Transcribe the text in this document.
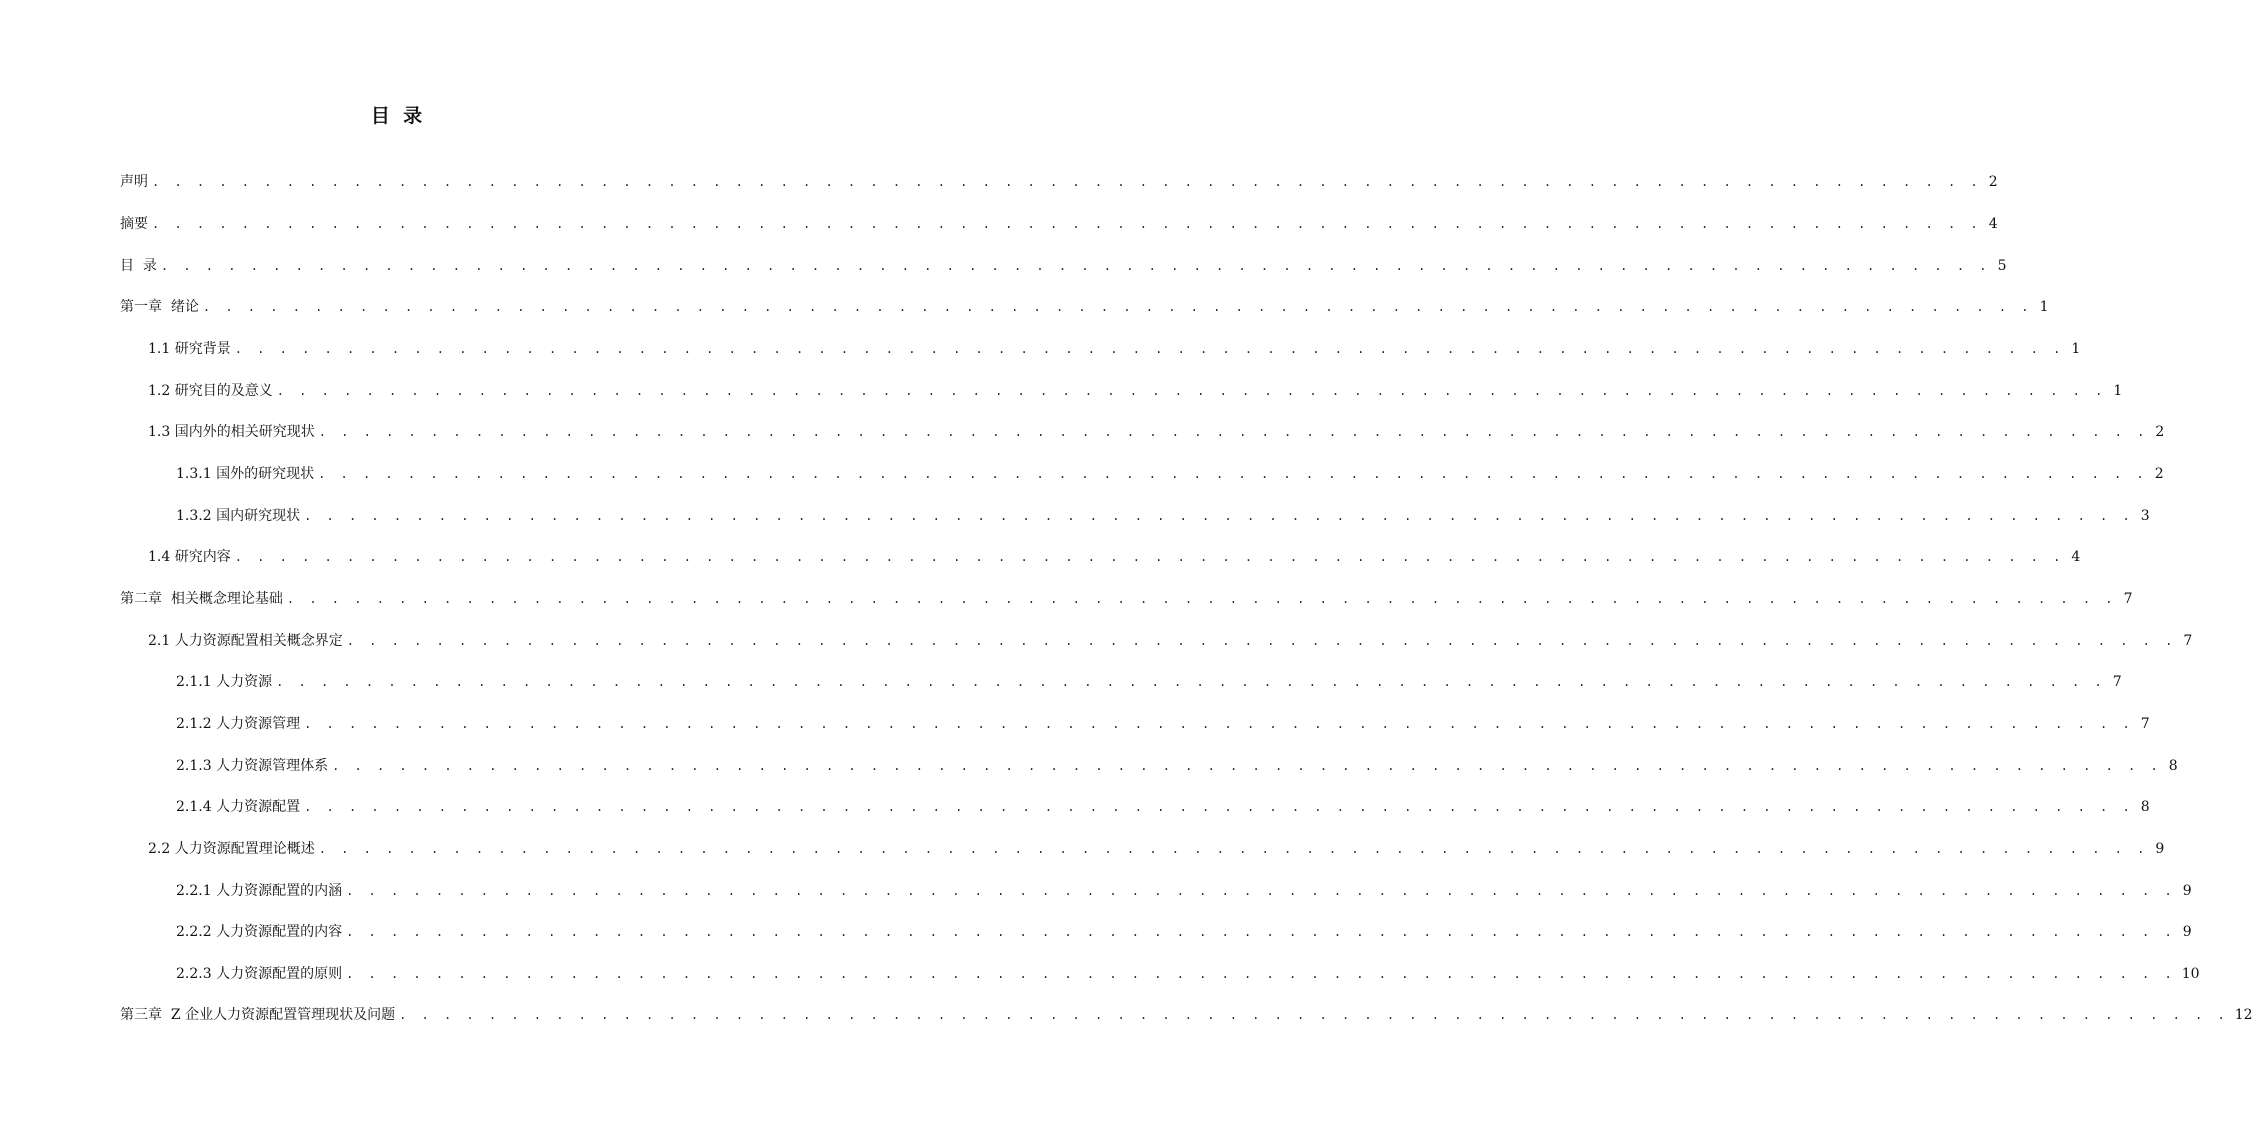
目  录
声明 . . . . . . . . . . . . . . . . . . . . . . . . . . . . . . . . . . . . . . . . . . . . . . . . . . . . . . . . . . . . . . . . . . . . . . . . . . . . . . . . . . 2
摘要 . . . . . . . . . . . . . . . . . . . . . . . . . . . . . . . . . . . . . . . . . . . . . . . . . . . . . . . . . . . . . . . . . . . . . . . . . . . . . . . . . . 4
目  录 . . . . . . . . . . . . . . . . . . . . . . . . . . . . . . . . . . . . . . . . . . . . . . . . . . . . . . . . . . . . . . . . . . . . . . . . . . . . . . . . . . 5
第一章  绪论 . . . . . . . . . . . . . . . . . . . . . . . . . . . . . . . . . . . . . . . . . . . . . . . . . . . . . . . . . . . . . . . . . . . . . . . . . . . . . . . . . . 1
1.1 研究背景 . . . . . . . . . . . . . . . . . . . . . . . . . . . . . . . . . . . . . . . . . . . . . . . . . . . . . . . . . . . . . . . . . . . . . . . . . . . . . . . . . . 1
1.2 研究目的及意义 . . . . . . . . . . . . . . . . . . . . . . . . . . . . . . . . . . . . . . . . . . . . . . . . . . . . . . . . . . . . . . . . . . . . . . . . . . . . . . . . . . 1
1.3 国内外的相关研究现状 . . . . . . . . . . . . . . . . . . . . . . . . . . . . . . . . . . . . . . . . . . . . . . . . . . . . . . . . . . . . . . . . . . . . . . . . . . . . . . . . . . 2
1.3.1 国外的研究现状 . . . . . . . . . . . . . . . . . . . . . . . . . . . . . . . . . . . . . . . . . . . . . . . . . . . . . . . . . . . . . . . . . . . . . . . . . . . . . . . . . . 2
1.3.2 国内研究现状 . . . . . . . . . . . . . . . . . . . . . . . . . . . . . . . . . . . . . . . . . . . . . . . . . . . . . . . . . . . . . . . . . . . . . . . . . . . . . . . . . . 3
1.4 研究内容 . . . . . . . . . . . . . . . . . . . . . . . . . . . . . . . . . . . . . . . . . . . . . . . . . . . . . . . . . . . . . . . . . . . . . . . . . . . . . . . . . . 4
第二章  相关概念理论基础 . . . . . . . . . . . . . . . . . . . . . . . . . . . . . . . . . . . . . . . . . . . . . . . . . . . . . . . . . . . . . . . . . . . . . . . . . . . . . . . . . . 7
2.1 人力资源配置相关概念界定 . . . . . . . . . . . . . . . . . . . . . . . . . . . . . . . . . . . . . . . . . . . . . . . . . . . . . . . . . . . . . . . . . . . . . . . . . . . . . . . . . . 7
2.1.1 人力资源 . . . . . . . . . . . . . . . . . . . . . . . . . . . . . . . . . . . . . . . . . . . . . . . . . . . . . . . . . . . . . . . . . . . . . . . . . . . . . . . . . . 7
2.1.2 人力资源管理 . . . . . . . . . . . . . . . . . . . . . . . . . . . . . . . . . . . . . . . . . . . . . . . . . . . . . . . . . . . . . . . . . . . . . . . . . . . . . . . . . . 7
2.1.3 人力资源管理体系 . . . . . . . . . . . . . . . . . . . . . . . . . . . . . . . . . . . . . . . . . . . . . . . . . . . . . . . . . . . . . . . . . . . . . . . . . . . . . . . . . . 8
2.1.4 人力资源配置 . . . . . . . . . . . . . . . . . . . . . . . . . . . . . . . . . . . . . . . . . . . . . . . . . . . . . . . . . . . . . . . . . . . . . . . . . . . . . . . . . . 8
2.2 人力资源配置理论概述 . . . . . . . . . . . . . . . . . . . . . . . . . . . . . . . . . . . . . . . . . . . . . . . . . . . . . . . . . . . . . . . . . . . . . . . . . . . . . . . . . . 9
2.2.1 人力资源配置的内涵 . . . . . . . . . . . . . . . . . . . . . . . . . . . . . . . . . . . . . . . . . . . . . . . . . . . . . . . . . . . . . . . . . . . . . . . . . . . . . . . . . . 9
2.2.2 人力资源配置的内容 . . . . . . . . . . . . . . . . . . . . . . . . . . . . . . . . . . . . . . . . . . . . . . . . . . . . . . . . . . . . . . . . . . . . . . . . . . . . . . . . . . 9
2.2.3 人力资源配置的原则 . . . . . . . . . . . . . . . . . . . . . . . . . . . . . . . . . . . . . . . . . . . . . . . . . . . . . . . . . . . . . . . . . . . . . . . . . . . . . . . . . . 10
第三章  Z 企业人力资源配置管理现状及问题 . . . . . . . . . . . . . . . . . . . . . . . . . . . . . . . . . . . . . . . . . . . . . . . . . . . . . . . . . . . . . . . . . . . . . . . . . . . . . . . . . . 12
